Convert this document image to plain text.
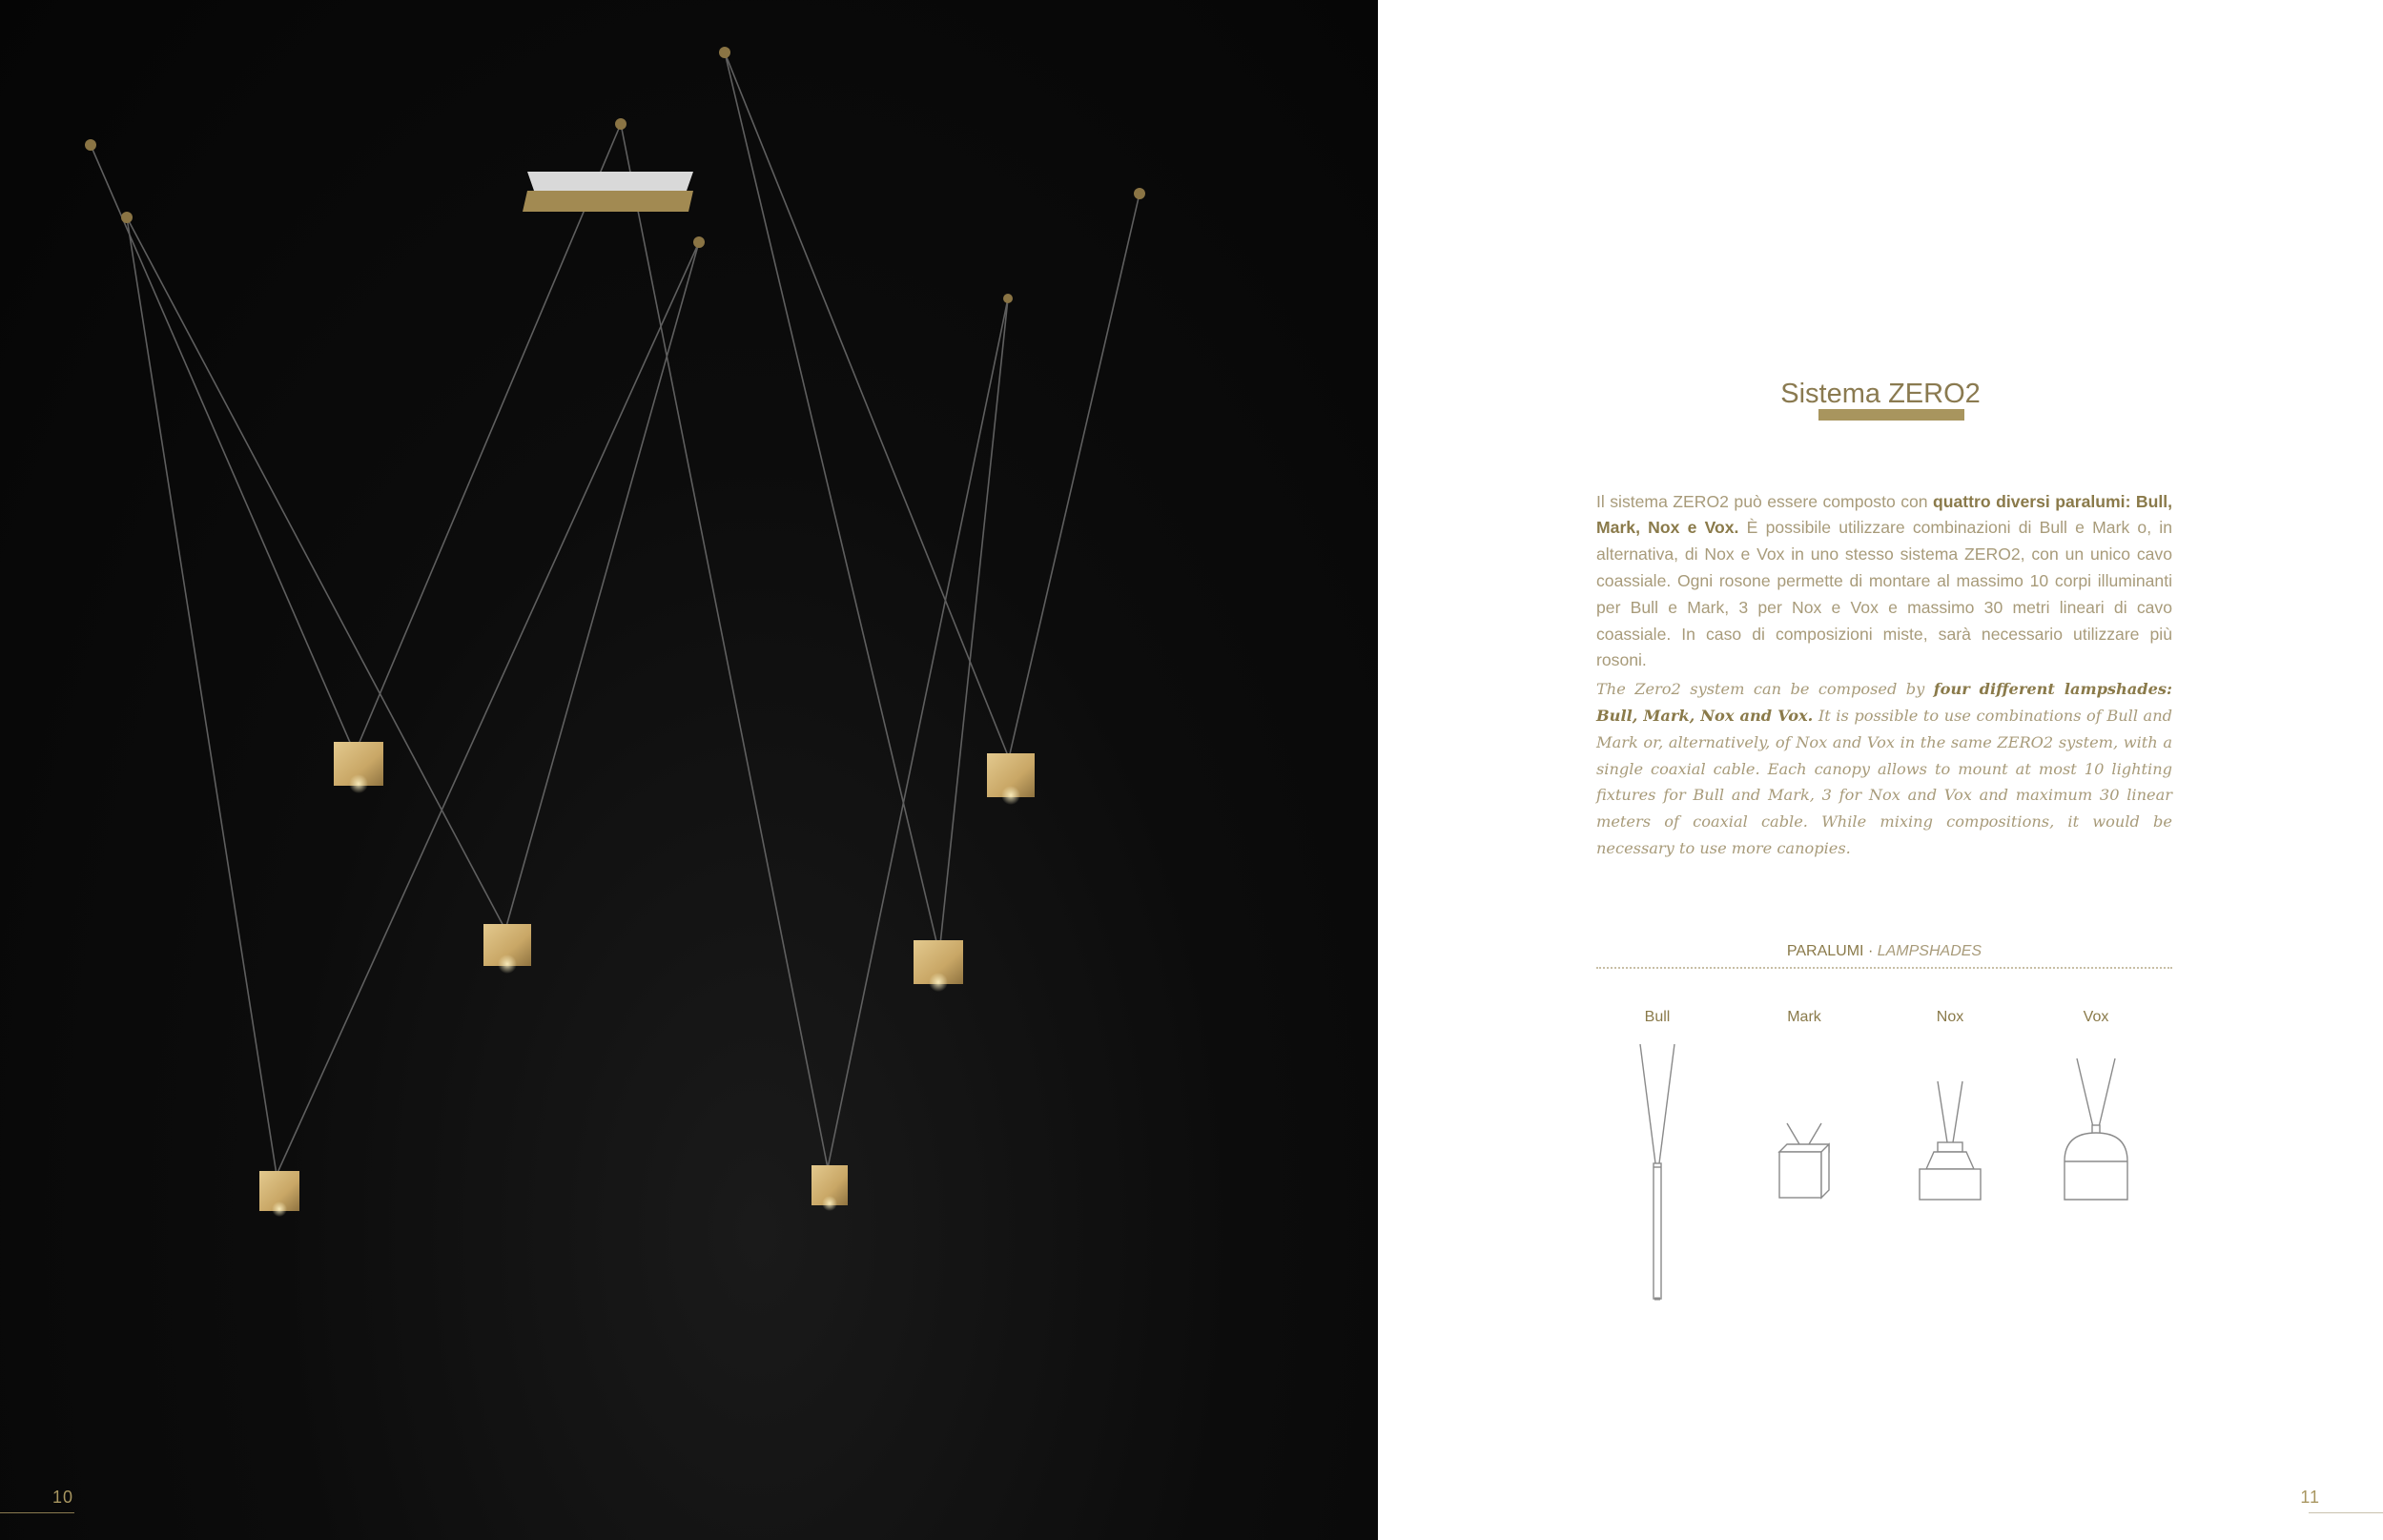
10
Sistema ZERO2

Il sistema ZERO2 può essere composto con quattro diversi paralumi: Bull, Mark, Nox e Vox. È possibile utilizzare combinazioni di Bull e Mark o, in alternativa, di Nox e Vox in uno stesso sistema ZERO2, con un unico cavo coassiale. Ogni rosone permette di montare al massimo 10 corpi illuminanti per Bull e Mark, 3 per Nox e Vox e massimo 30 metri lineari di cavo coassiale. In caso di composizioni miste, sarà necessario utilizzare più rosoni.

The Zero2 system can be composed by four different lampshades: Bull, Mark, Nox and Vox. It is possible to use combinations of Bull and Mark or, alternatively, of Nox and Vox in the same ZERO2 system, with a single coaxial cable. Each canopy allows to mount at most 10 lighting fixtures for Bull and Mark, 3 for Nox and Vox and maximum 30 linear meters of coaxial cable. While mixing compositions, it would be necessary to use more canopies.

PARALUMI · LAMPSHADES
Bull	Mark	Nox	Vox
11
